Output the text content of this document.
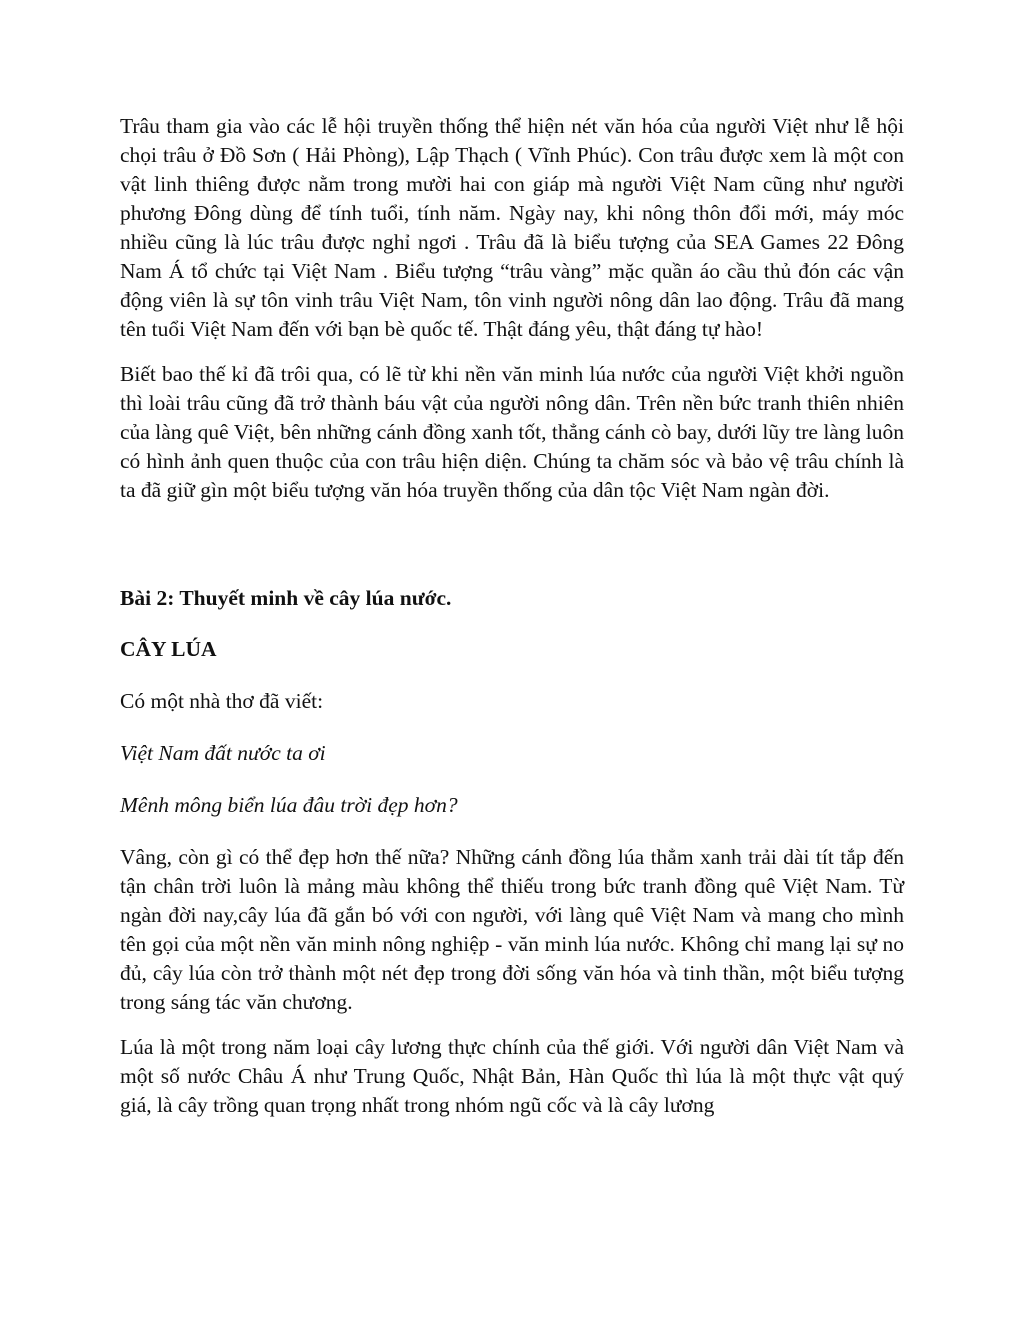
Trâu tham gia vào các lễ hội truyền thống thể hiện nét văn hóa của người Việt như lễ hội chọi trâu ở Đồ Sơn ( Hải Phòng), Lập Thạch ( Vĩnh Phúc). Con trâu được xem là một con vật linh thiêng được nằm trong mười hai con giáp mà người Việt Nam cũng như người phương Đông dùng để tính tuổi, tính năm. Ngày nay, khi nông thôn đổi mới, máy móc nhiều cũng là lúc trâu được nghỉ ngơi . Trâu đã là biểu tượng của SEA Games 22 Đông Nam Á tổ chức tại Việt Nam . Biểu tượng “trâu vàng” mặc quần áo cầu thủ đón các vận động viên là sự tôn vinh trâu Việt Nam, tôn vinh người nông dân lao động. Trâu đã mang tên tuổi Việt Nam đến với bạn bè quốc tế. Thật đáng yêu, thật đáng tự hào!

Biết bao thế kỉ đã trôi qua, có lẽ từ khi nền văn minh lúa nước của người Việt khởi nguồn thì loài trâu cũng đã trở thành báu vật của người nông dân. Trên nền bức tranh thiên nhiên của làng quê Việt, bên những cánh đồng xanh tốt, thẳng cánh cò bay, dưới lũy tre làng luôn có hình ảnh quen thuộc của con trâu hiện diện. Chúng ta chăm sóc và bảo vệ trâu chính là ta đã giữ gìn một biểu tượng văn hóa truyền thống của dân tộc Việt Nam ngàn đời.

Bài 2: Thuyết minh về cây lúa nước.

CÂY LÚA

Có một nhà thơ đã viết:

Việt Nam đất nước ta ơi

Mênh mông biển lúa đâu trời đẹp hơn?

Vâng, còn gì có thể đẹp hơn thế nữa? Những cánh đồng lúa thẳm xanh trải dài tít tắp đến tận chân trời luôn là mảng màu không thể thiếu trong bức tranh đồng quê Việt Nam. Từ ngàn đời nay,cây lúa đã gắn bó với con người, với làng quê Việt Nam và mang cho mình tên gọi của một nền văn minh nông nghiệp - văn minh lúa nước. Không chỉ mang lại sự no đủ, cây lúa còn trở thành một nét đẹp trong đời sống văn hóa và tinh thần, một biểu tượng trong sáng tác văn chương.

Lúa là một trong năm loại cây lương thực chính của thế giới. Với người dân Việt Nam và một số nước Châu Á như Trung Quốc, Nhật Bản, Hàn Quốc thì lúa là một thực vật quý giá, là cây trồng quan trọng nhất trong nhóm ngũ cốc và là cây lương
